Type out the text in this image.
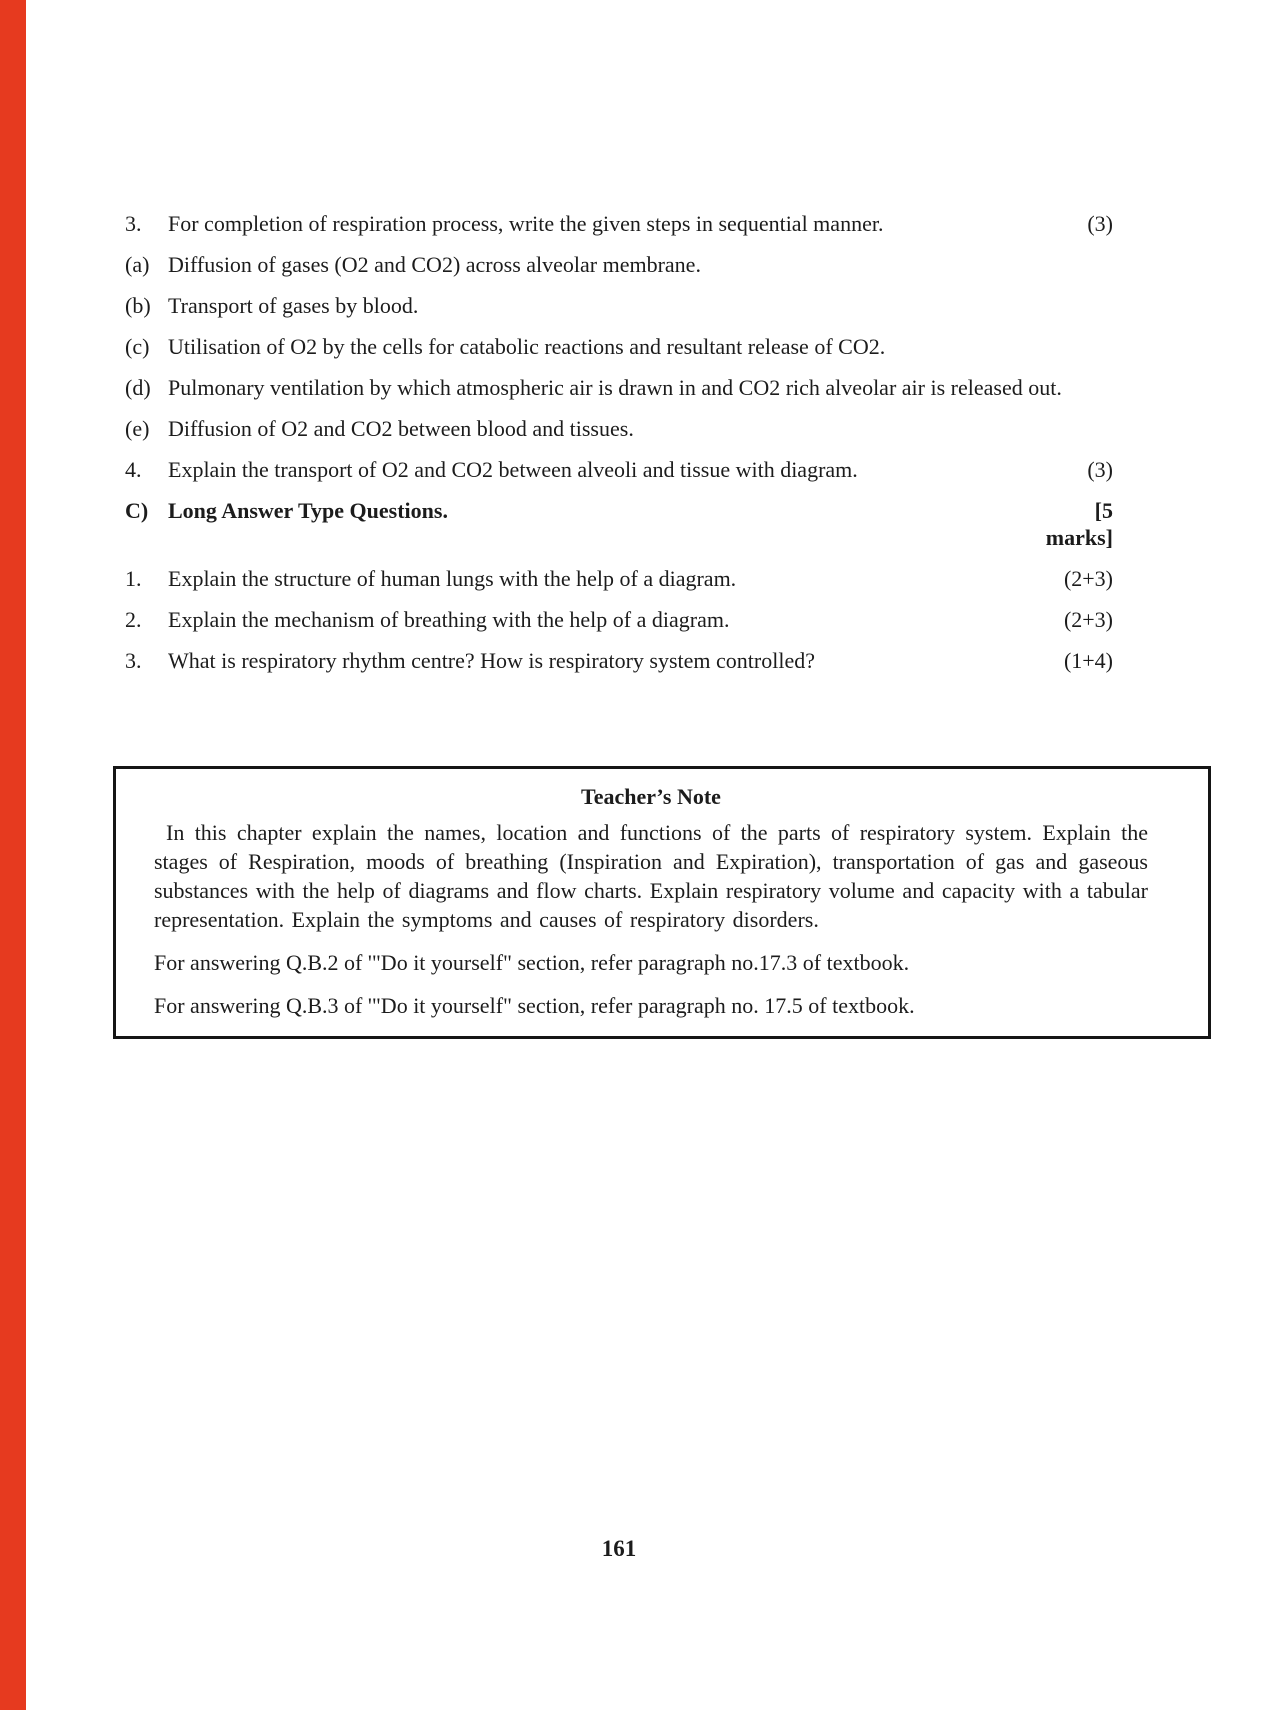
3.	For completion of respiration process, write the given steps in sequential manner.	(3)
(a) Diffusion of gases (O2 and CO2) across alveolar membrane.
(b) Transport of gases by blood.
(c) Utilisation of O2 by the cells for catabolic reactions and resultant release of CO2.
(d) Pulmonary ventilation by which atmospheric air is drawn in and CO2 rich alveolar air is released out.
(e) Diffusion of O2 and CO2 between blood and tissues.
4.	Explain the transport of O2 and CO2 between alveoli and tissue with diagram.	(3)
C) Long Answer Type Questions.	[5 marks]
1.	Explain the structure of human lungs with the help of a diagram.	(2+3)
2.	Explain the mechanism of breathing with the help of a diagram.	(2+3)
3.	What is respiratory rhythm centre? How is respiratory system controlled?	(1+4)
Teacher’s Note
In this chapter explain the names, location and functions of the parts of respiratory system. Explain the stages of Respiration, moods of breathing (Inspiration and Expiration), transportation of gas and gaseous substances with the help of diagrams and flow charts. Explain respiratory volume and capacity with a tabular representation. Explain the symptoms and causes of respiratory disorders.
For answering Q.B.2 of '"Do it yourself" section, refer paragraph no.17.3 of textbook.
For answering Q.B.3 of '"Do it yourself" section, refer paragraph no. 17.5 of textbook.
161
